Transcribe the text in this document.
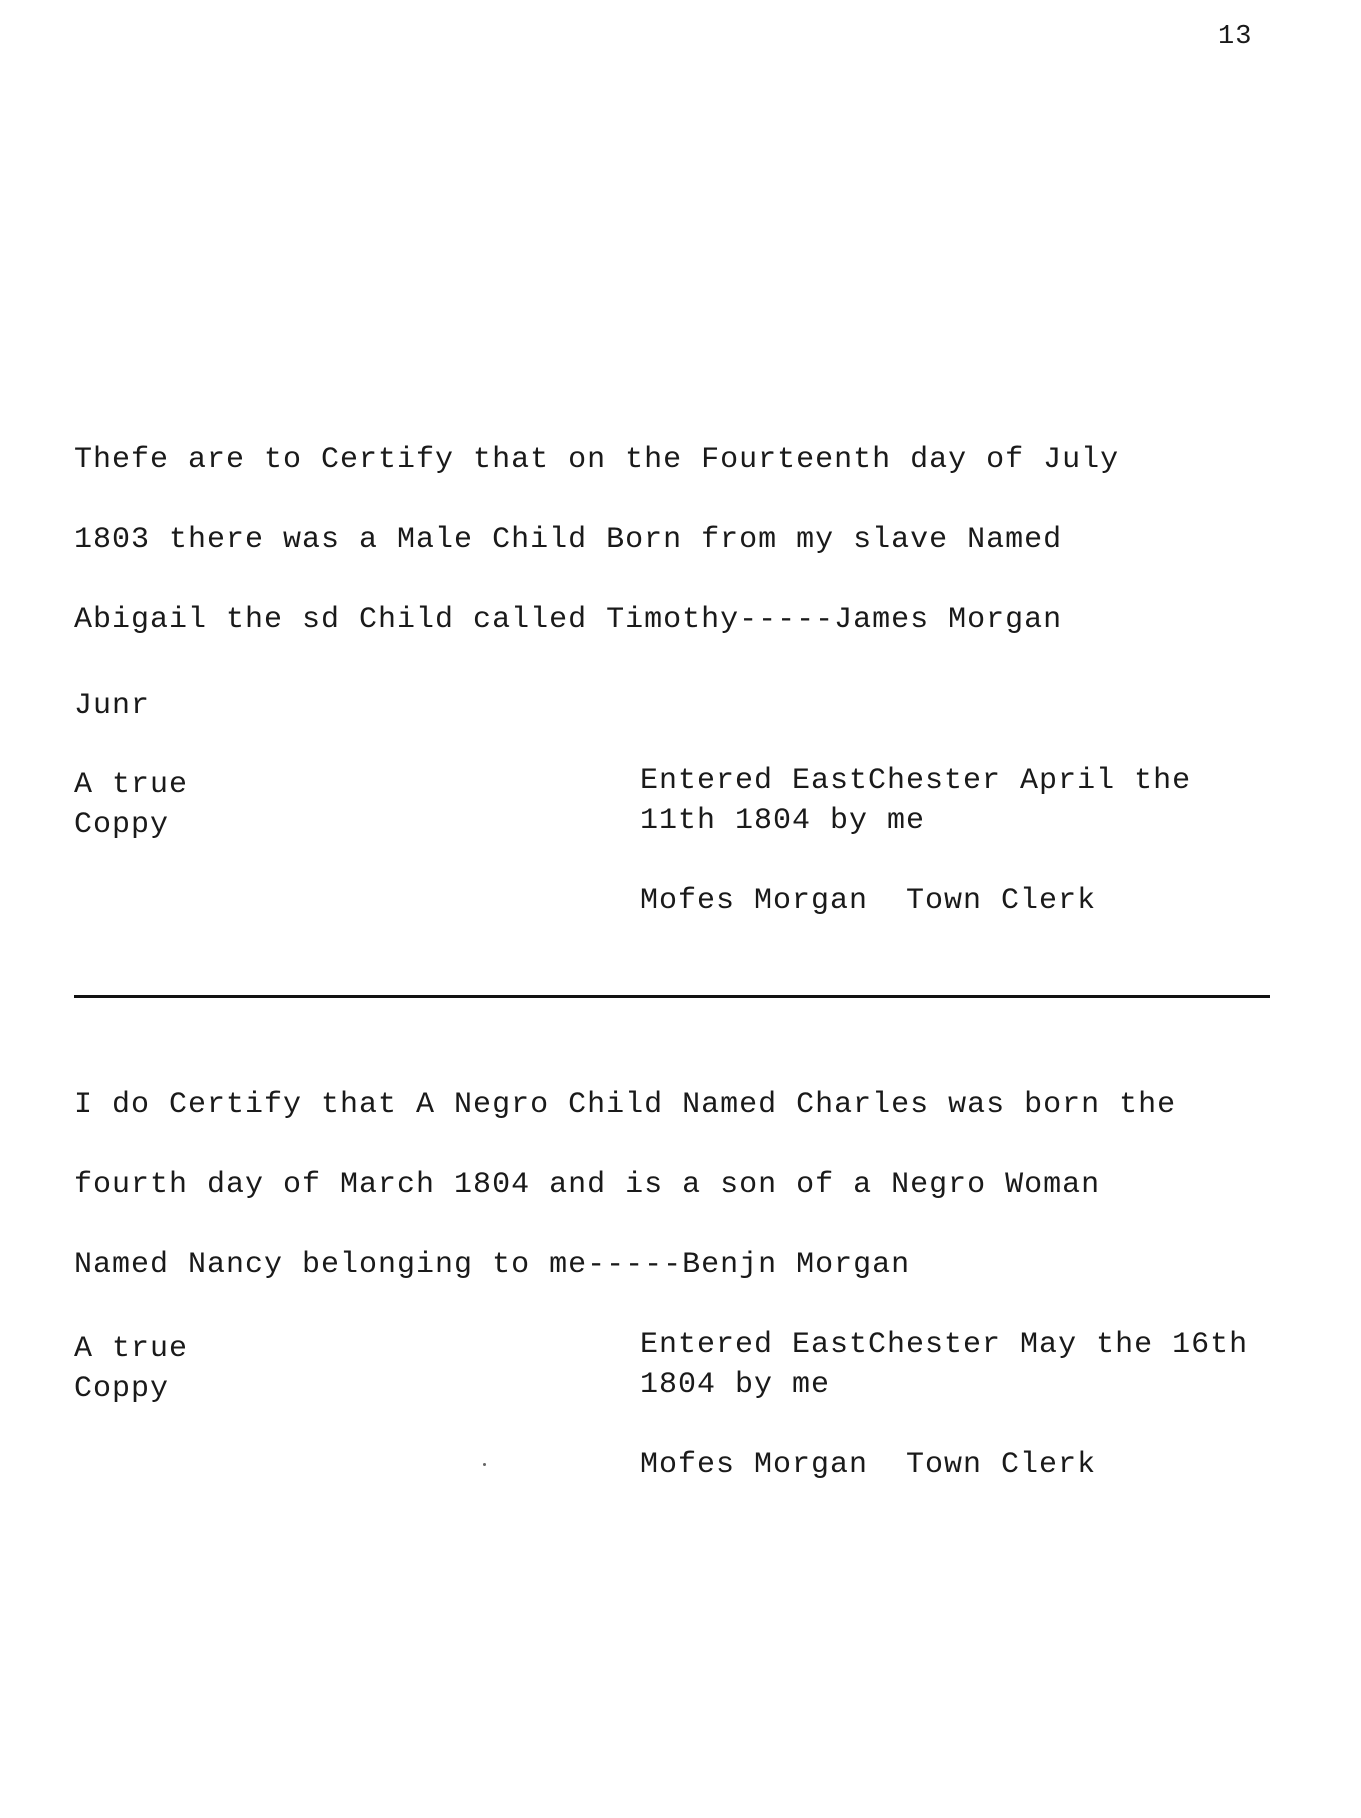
13
Thefe are to Certify that on the Fourteenth day of July
1803 there was a Male Child Born from my slave Named
Abigail the sd Child called Timothy-----James Morgan
Junr
A true
Coppy
Entered EastChester April the
11th 1804 by me
Mofes Morgan  Town Clerk
I do Certify that A Negro Child Named Charles was born the
fourth day of March 1804 and is a son of a Negro Woman
Named Nancy belonging to me-----Benjn Morgan
A true
Coppy
Entered EastChester May the 16th
1804 by me
Mofes Morgan  Town Clerk
